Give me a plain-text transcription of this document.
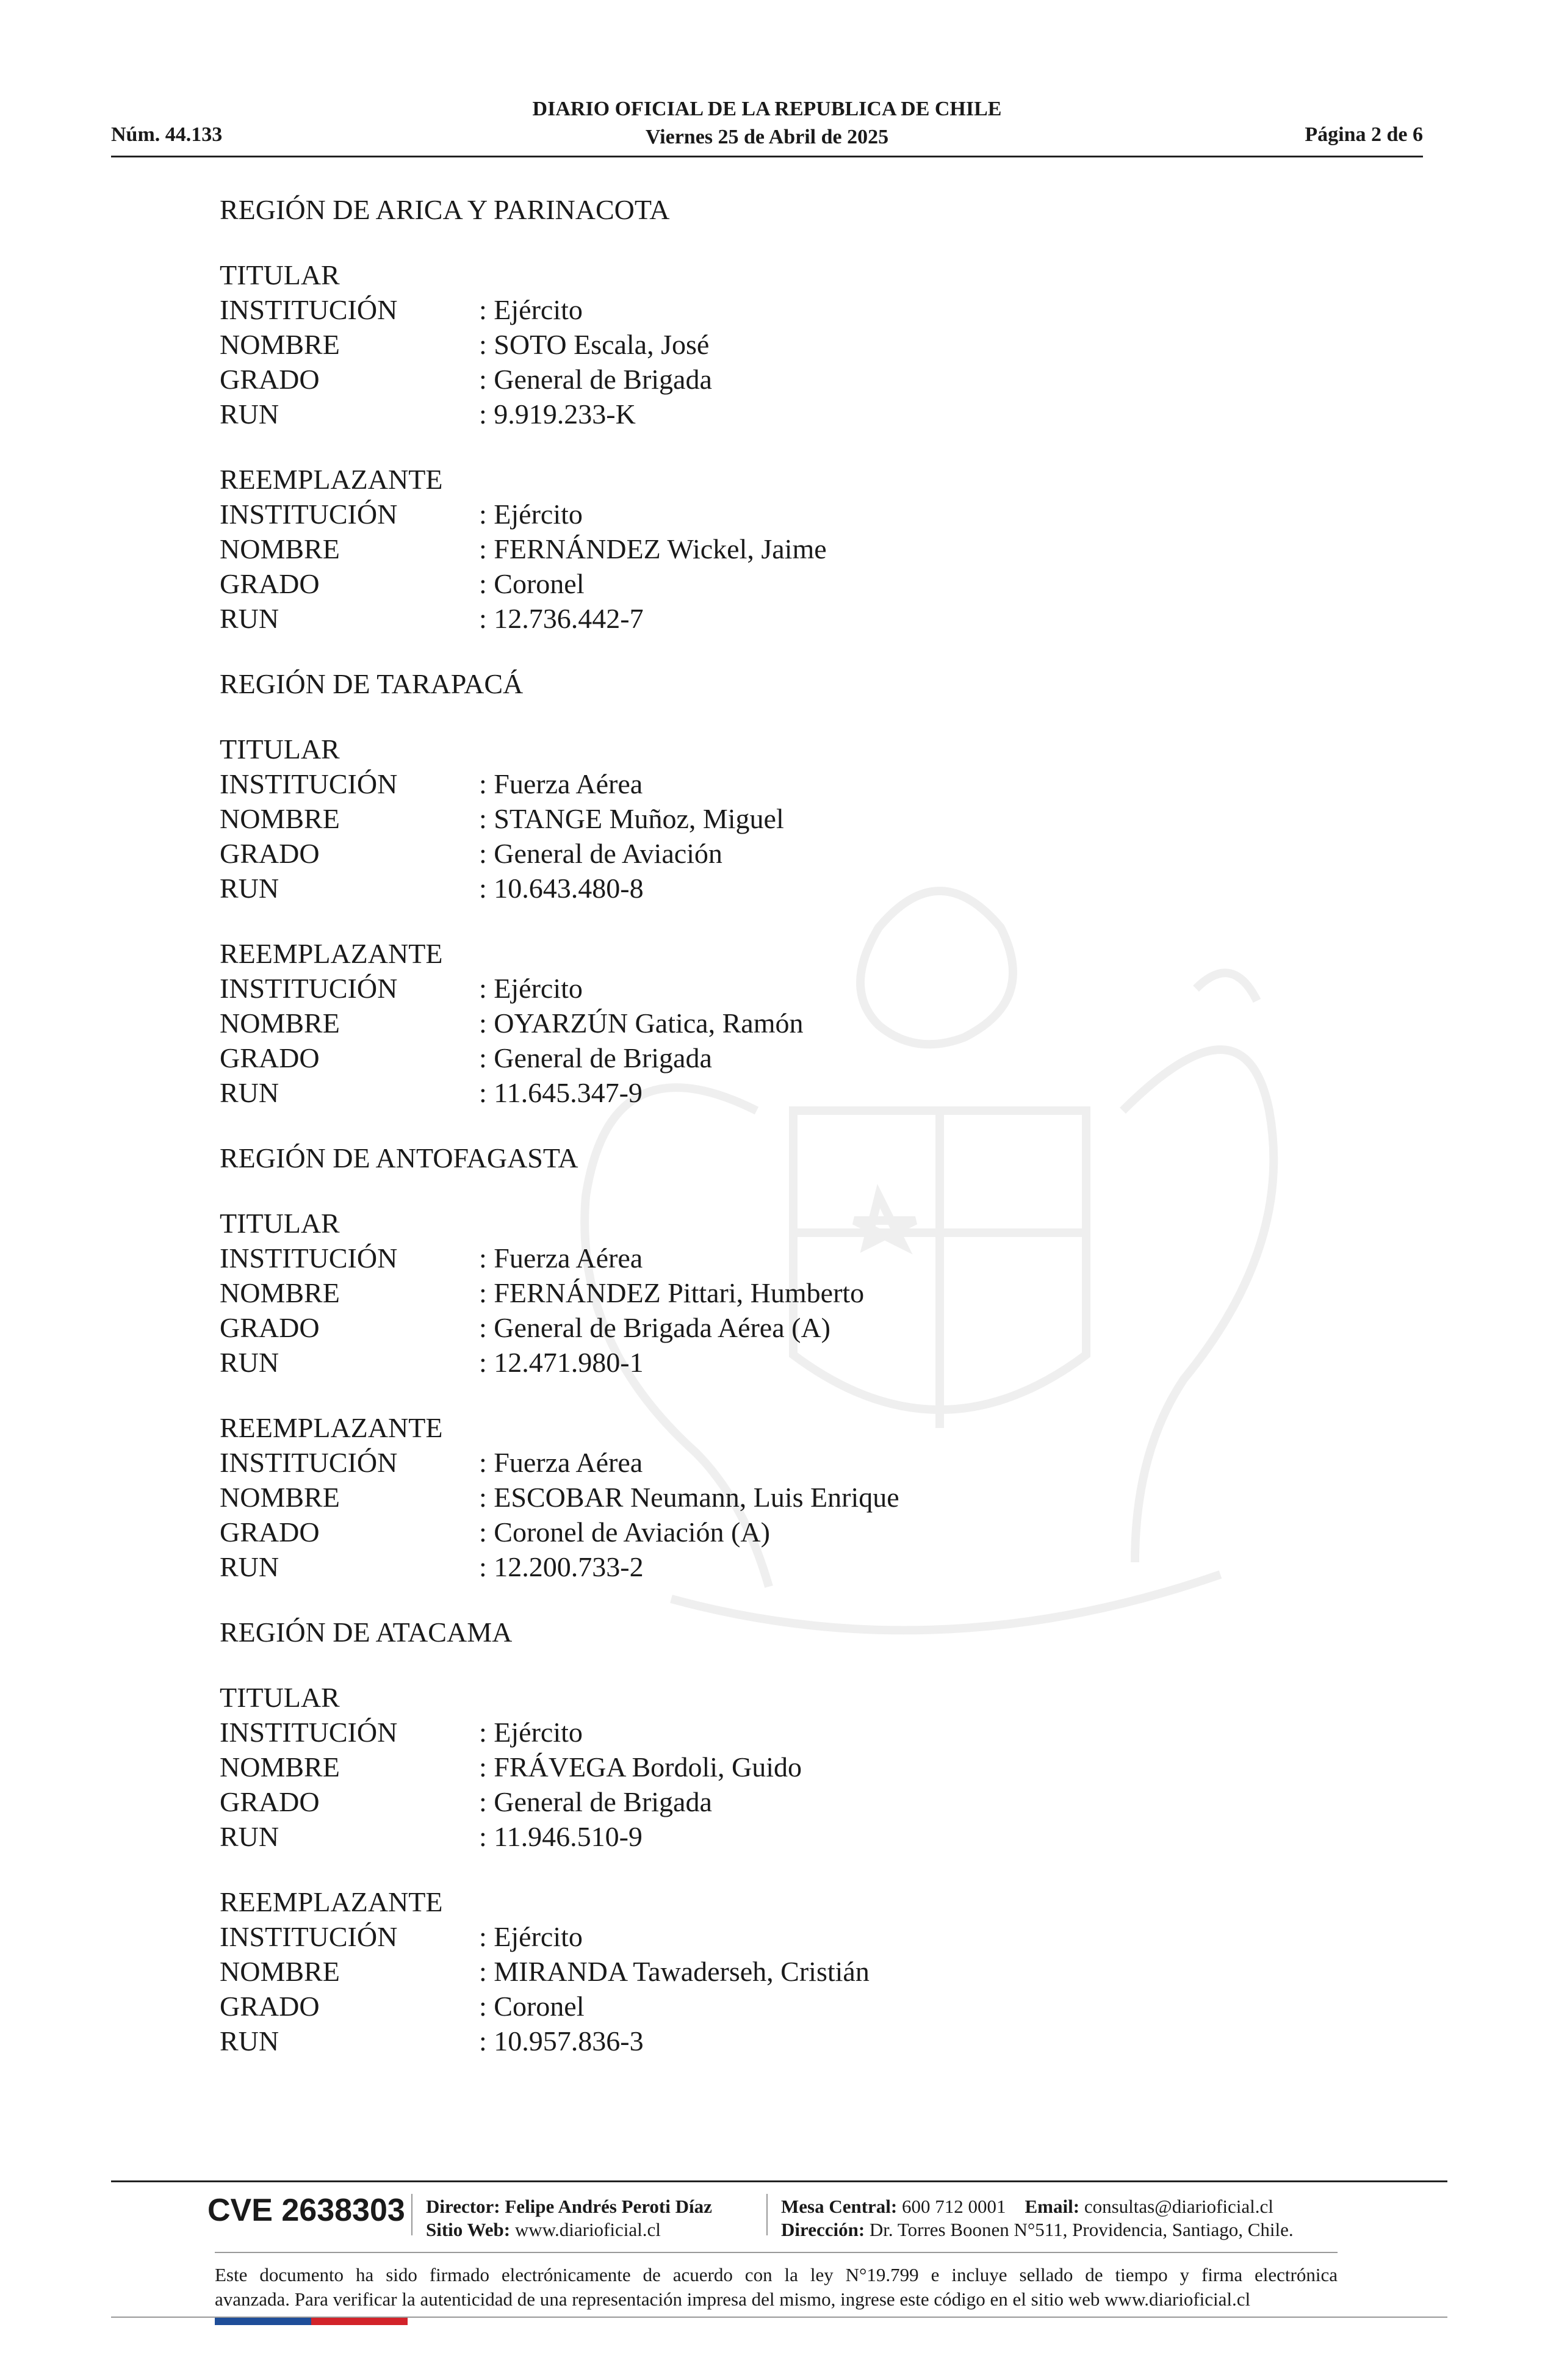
Núm. 44.133
DIARIO OFICIAL DE LA REPUBLICA DE CHILE
Viernes 25 de Abril de 2025	Página 2 de 6
REGIÓN DE ARICA Y PARINACOTA
TITULAR
INSTITUCIÓN	: Ejército
NOMBRE	: SOTO Escala, José
GRADO	: General de Brigada
RUN	: 9.919.233-K
REEMPLAZANTE
INSTITUCIÓN	: Ejército
NOMBRE	: FERNÁNDEZ Wickel, Jaime
GRADO	: Coronel
RUN	: 12.736.442-7
REGIÓN DE TARAPACÁ
TITULAR
INSTITUCIÓN	: Fuerza Aérea
NOMBRE	: STANGE Muñoz, Miguel
GRADO	: General de Aviación
RUN	: 10.643.480-8
REEMPLAZANTE
INSTITUCIÓN	: Ejército
NOMBRE	: OYARZÚN Gatica, Ramón
GRADO	: General de Brigada
RUN	: 11.645.347-9
REGIÓN DE ANTOFAGASTA
TITULAR
INSTITUCIÓN	: Fuerza Aérea
NOMBRE	: FERNÁNDEZ Pittari, Humberto
GRADO	: General de Brigada Aérea (A)
RUN	: 12.471.980-1
REEMPLAZANTE
INSTITUCIÓN	: Fuerza Aérea
NOMBRE	: ESCOBAR Neumann, Luis Enrique
GRADO	: Coronel de Aviación (A)
RUN	: 12.200.733-2
REGIÓN DE ATACAMA
TITULAR
INSTITUCIÓN	: Ejército
NOMBRE	: FRÁVEGA Bordoli, Guido
GRADO	: General de Brigada
RUN	: 11.946.510-9
REEMPLAZANTE
INSTITUCIÓN	: Ejército
NOMBRE	: MIRANDA Tawaderseh, Cristián
GRADO	: Coronel
RUN	: 10.957.836-3
CVE 2638303 Director: Felipe Andrés Peroti Díaz
Sitio Web: www.diarioficial.cl
Mesa Central: 600 712 0001 Email: consultas@diarioficial.cl
Dirección: Dr. Torres Boonen N°511, Providencia, Santiago, Chile.
Este documento ha sido firmado electrónicamente de acuerdo con la ley N°19.799 e incluye sellado de tiempo y firma electrónica
avanzada. Para verificar la autenticidad de una representación impresa del mismo, ingrese este código en el sitio web www.diarioficial.cl
